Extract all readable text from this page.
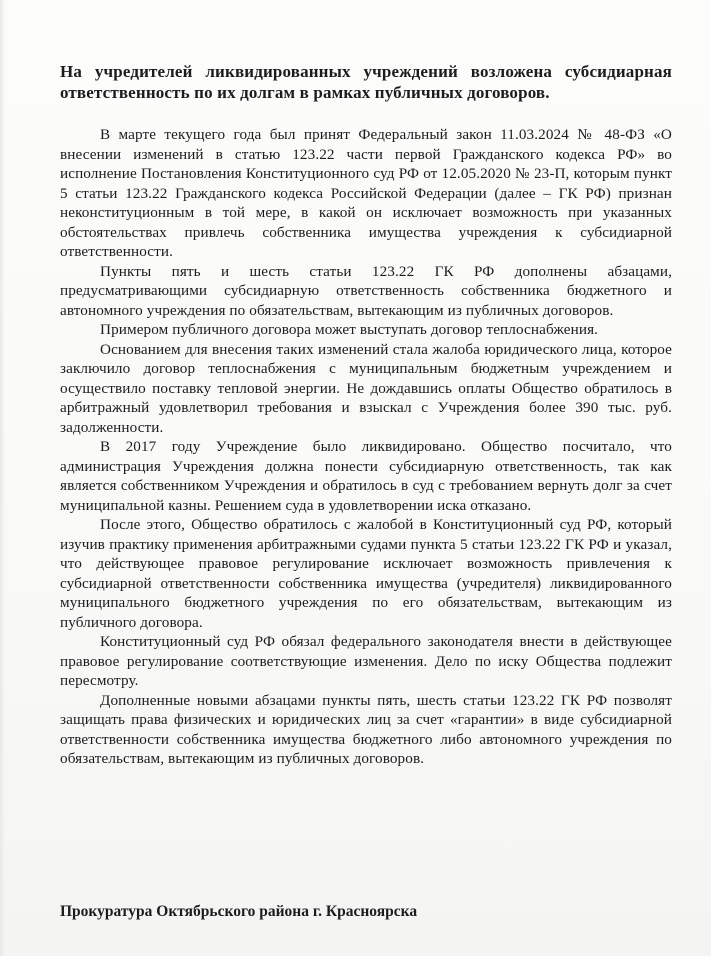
На учредителей ликвидированных учреждений возложена субсидиарная ответственность по их долгам в рамках публичных договоров.

В марте текущего года был принят Федеральный закон 11.03.2024 № 48-ФЗ «О внесении изменений в статью 123.22 части первой Гражданского кодекса РФ» во исполнение Постановления Конституционного суд РФ от 12.05.2020 № 23-П, которым пункт 5 статьи 123.22 Гражданского кодекса Российской Федерации (далее – ГК РФ) признан неконституционным в той мере, в какой он исключает возможность при указанных обстоятельствах привлечь собственника имущества учреждения к субсидиарной ответственности.

Пункты пять и шесть статьи 123.22 ГК РФ дополнены абзацами, предусматривающими субсидиарную ответственность собственника бюджетного и автономного учреждения по обязательствам, вытекающим из публичных договоров.

Примером публичного договора может выступать договор теплоснабжения.

Основанием для внесения таких изменений стала жалоба юридического лица, которое заключило договор теплоснабжения с муниципальным бюджетным учреждением и осуществило поставку тепловой энергии. Не дождавшись оплаты Общество обратилось в арбитражный удовлетворил требования и взыскал с Учреждения более 390 тыс. руб. задолженности.

В 2017 году Учреждение было ликвидировано. Общество посчитало, что администрация Учреждения должна понести субсидиарную ответственность, так как является собственником Учреждения и обратилось в суд с требованием вернуть долг за счет муниципальной казны. Решением суда в удовлетворении иска отказано.

После этого, Общество обратилось с жалобой в Конституционный суд РФ, который изучив практику применения арбитражными судами пункта 5 статьи 123.22 ГК РФ и указал, что действующее правовое регулирование исключает возможность привлечения к субсидиарной ответственности собственника имущества (учредителя) ликвидированного муниципального бюджетного учреждения по его обязательствам, вытекающим из публичного договора.

Конституционный суд РФ обязал федерального законодателя внести в действующее правовое регулирование соответствующие изменения. Дело по иску Общества подлежит пересмотру.

Дополненные новыми абзацами пункты пять, шесть статьи 123.22 ГК РФ позволят защищать права физических и юридических лиц за счет «гарантии» в виде субсидиарной ответственности собственника имущества бюджетного либо автономного учреждения по обязательствам, вытекающим из публичных договоров.

Прокуратура Октябрьского района г. Красноярска
